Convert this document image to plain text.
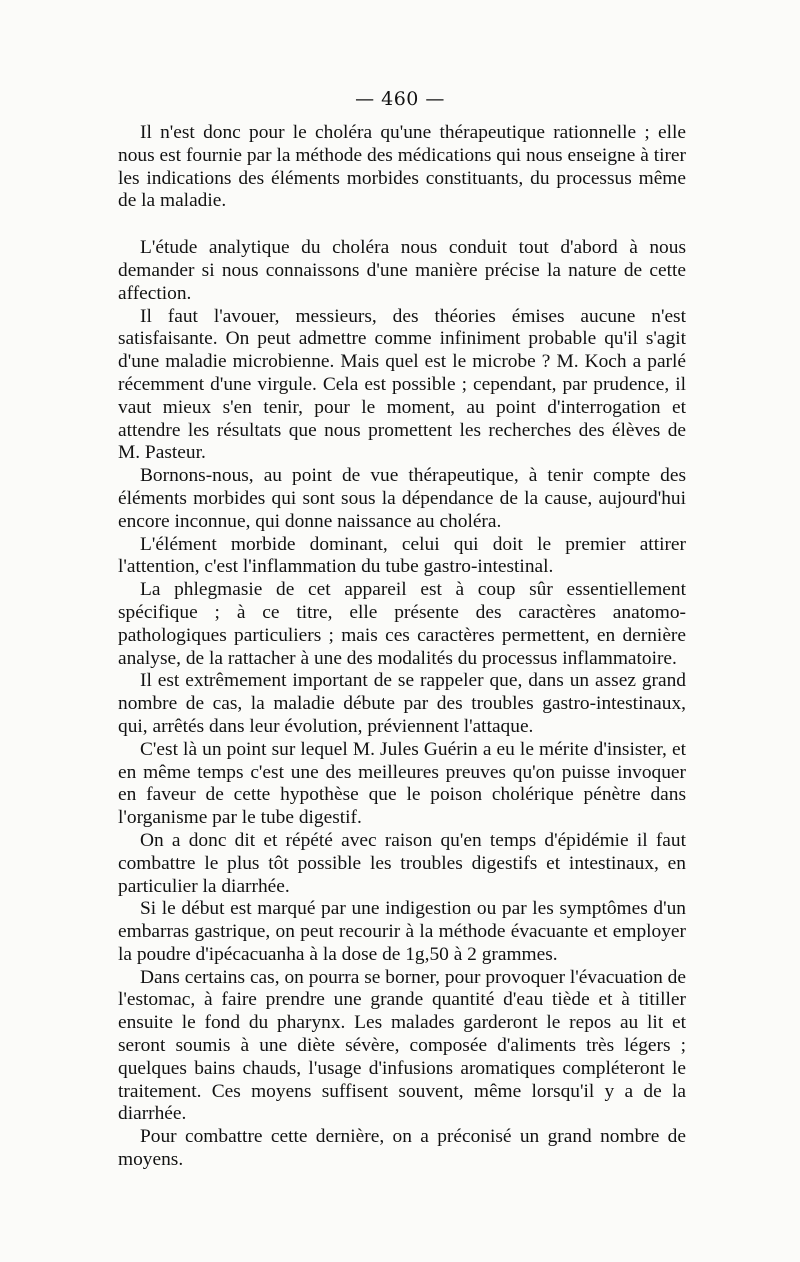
— 460 —

Il n'est donc pour le choléra qu'une thérapeutique rationnelle ; elle nous est fournie par la méthode des médications qui nous enseigne à tirer les indications des éléments morbides constituants, du processus même de la maladie.

L'étude analytique du choléra nous conduit tout d'abord à nous demander si nous connaissons d'une manière précise la nature de cette affection.

Il faut l'avouer, messieurs, des théories émises aucune n'est satisfaisante. On peut admettre comme infiniment probable qu'il s'agit d'une maladie microbienne. Mais quel est le microbe ? M. Koch a parlé récemment d'une virgule. Cela est possible ; cependant, par prudence, il vaut mieux s'en tenir, pour le moment, au point d'interrogation et attendre les résultats que nous promettent les recherches des élèves de M. Pasteur.

Bornons-nous, au point de vue thérapeutique, à tenir compte des éléments morbides qui sont sous la dépendance de la cause, aujourd'hui encore inconnue, qui donne naissance au choléra.

L'élément morbide dominant, celui qui doit le premier attirer l'attention, c'est l'inflammation du tube gastro-intestinal.

La phlegmasie de cet appareil est à coup sûr essentiellement spécifique ; à ce titre, elle présente des caractères anatomo-pathologiques particuliers ; mais ces caractères permettent, en dernière analyse, de la rattacher à une des modalités du processus inflammatoire.

Il est extrêmement important de se rappeler que, dans un assez grand nombre de cas, la maladie débute par des troubles gastro-intestinaux, qui, arrêtés dans leur évolution, préviennent l'attaque.

C'est là un point sur lequel M. Jules Guérin a eu le mérite d'insister, et en même temps c'est une des meilleures preuves qu'on puisse invoquer en faveur de cette hypothèse que le poison cholérique pénètre dans l'organisme par le tube digestif.

On a donc dit et répété avec raison qu'en temps d'épidémie il faut combattre le plus tôt possible les troubles digestifs et intestinaux, en particulier la diarrhée.

Si le début est marqué par une indigestion ou par les symptômes d'un embarras gastrique, on peut recourir à la méthode évacuante et employer la poudre d'ipécacuanha à la dose de 1g,50 à 2 grammes.

Dans certains cas, on pourra se borner, pour provoquer l'évacuation de l'estomac, à faire prendre une grande quantité d'eau tiède et à titiller ensuite le fond du pharynx. Les malades garderont le repos au lit et seront soumis à une diète sévère, composée d'aliments très légers ; quelques bains chauds, l'usage d'infusions aromatiques compléteront le traitement. Ces moyens suffisent souvent, même lorsqu'il y a de la diarrhée.

Pour combattre cette dernière, on a préconisé un grand nombre de moyens.
